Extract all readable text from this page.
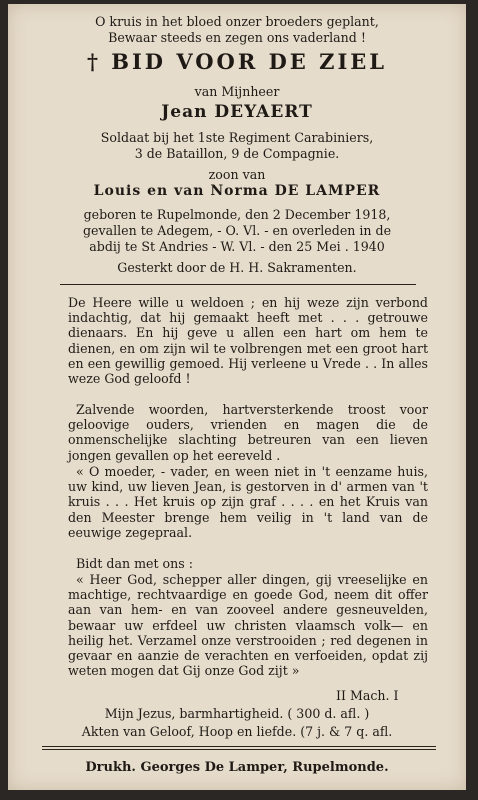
O kruis in het bloed onzer broeders geplant,
Bewaar steeds en zegen ons vaderland !
† BID VOOR DE ZIEL
van Mijnheer
Jean DEYAERT
Soldaat bij het 1ste Regiment Carabiniers,
3 de Bataillon, 9 de Compagnie.
zoon van
Louis en van Norma DE LAMPER
geboren te Rupelmonde, den 2 December 1918,
gevallen te Adegem, - O. Vl. - en overleden in de
abdij te St Andries - W. Vl. - den 25 Mei . 1940
Gesterkt door de H. H. Sakramenten.
De Heere wille u weldoen ; en hij weze zijn verbond indachtig, dat hij gemaakt heeft met . . . getrouwe dienaars. En hij geve u allen een hart om hem te dienen, en om zijn wil te volbrengen met een groot hart en een gewillig gemoed. Hij verleene u Vrede . . In alles weze God geloofd !
Zalvende woorden, hartversterkende troost voor geloovige ouders, vrienden en magen die de onmenschelijke slachting betreuren van een lieven jongen gevallen op het eereveld .
« O moeder, - vader, en ween niet in 't eenzame huis, uw kind, uw lieven Jean, is gestorven in d' armen van 't kruis . . . Het kruis op zijn graf . . . . en het Kruis van den Meester brenge hem veilig in 't land van de eeuwige zegepraal.
Bidt dan met ons :
« Heer God, schepper aller dingen, gij vreeselijke en machtige, rechtvaardige en goede God, neem dit offer aan van hem- en van zooveel andere gesneuvelden, bewaar uw erfdeel uw christen vlaamsch volk— en heilig het. Verzamel onze verstrooiden ; red degenen in gevaar en aanzie de verachten en verfoeiden, opdat zij weten mogen dat Gij onze God zijt »
II Mach. I
Mijn Jezus, barmhartigheid. ( 300 d. afl. )
Akten van Geloof, Hoop en liefde. (7 j. & 7 q. afl.
Drukh. Georges De Lamper, Rupelmonde.
